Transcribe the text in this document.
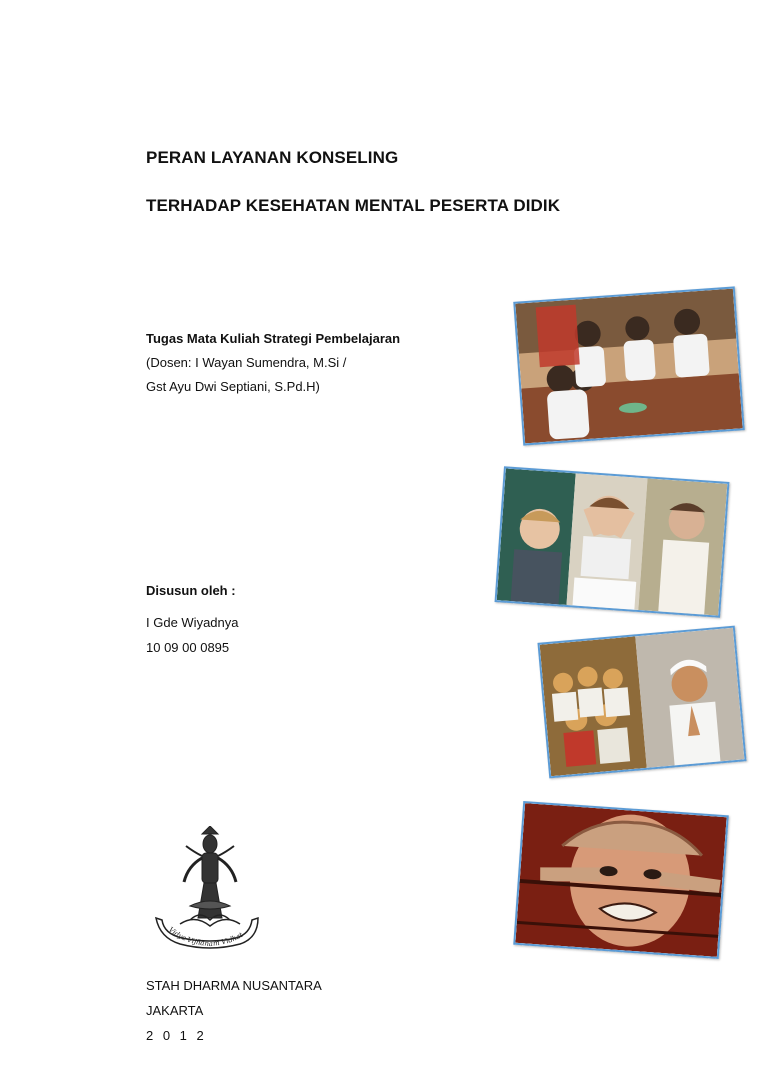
PERAN LAYANAN KONSELING
TERHADAP KESEHATAN MENTAL PESERTA DIDIK
Tugas Mata Kuliah Strategi Pembelajaran
(Dosen: I Wayan Sumendra, M.Si /
Gst Ayu Dwi Septiani, S.Pd.H)
Disusun oleh :
I Gde Wiyadnya
10 09 00 0895
STAH DHARMA NUSANTARA
JAKARTA
2 0 1 2
Vidya-Vijñānam Vidhat
